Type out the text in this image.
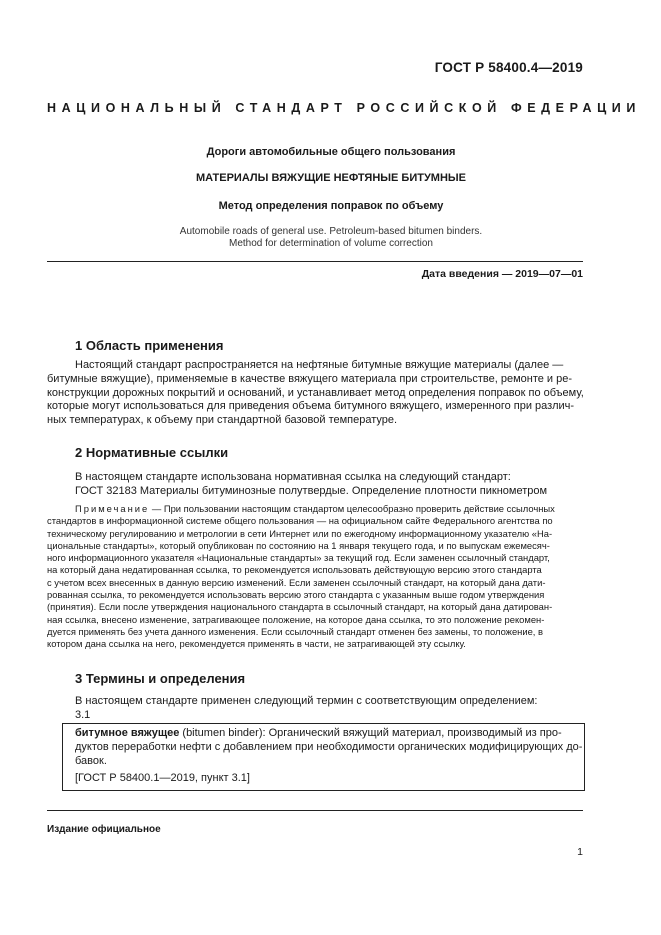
ГОСТ Р 58400.4—2019
НАЦИОНАЛЬНЫЙ СТАНДАРТ РОССИЙСКОЙ ФЕДЕРАЦИИ
Дороги автомобильные общего пользования
МАТЕРИАЛЫ ВЯЖУЩИЕ НЕФТЯНЫЕ БИТУМНЫЕ
Метод определения поправок по объему
Automobile roads of general use. Petroleum-based bitumen binders.
Method for determination of volume correction
Дата введения — 2019—07—01
1 Область применения
Настоящий стандарт распространяется на нефтяные битумные вяжущие материалы (далее —
битумные вяжущие), применяемые в качестве вяжущего материала при строительстве, ремонте и ре-
конструкции дорожных покрытий и оснований, и устанавливает метод определения поправок по объему,
которые могут использоваться для приведения объема битумного вяжущего, измеренного при различ-
ных температурах, к объему при стандартной базовой температуре.
2 Нормативные ссылки
В настоящем стандарте использована нормативная ссылка на следующий стандарт:
ГОСТ 32183 Материалы битуминозные полутвердые. Определение плотности пикнометром
Примечание — При пользовании настоящим стандартом целесообразно проверить действие ссылочных
стандартов в информационной системе общего пользования — на официальном сайте Федерального агентства по
техническому регулированию и метрологии в сети Интернет или по ежегодному информационному указателю «На-
циональные стандарты», который опубликован по состоянию на 1 января текущего года, и по выпускам ежемесяч-
ного информационного указателя «Национальные стандарты» за текущий год. Если заменен ссылочный стандарт,
на который дана недатированная ссылка, то рекомендуется использовать действующую версию этого стандарта
с учетом всех внесенных в данную версию изменений. Если заменен ссылочный стандарт, на который дана дати-
рованная ссылка, то рекомендуется использовать версию этого стандарта с указанным выше годом утверждения
(принятия). Если после утверждения национального стандарта в ссылочный стандарт, на который дана датирован-
ная ссылка, внесено изменение, затрагивающее положение, на которое дана ссылка, то это положение рекомен-
дуется применять без учета данного изменения. Если ссылочный стандарт отменен без замены, то положение, в
котором дана ссылка на него, рекомендуется применять в части, не затрагивающей эту ссылку.
3 Термины и определения
В настоящем стандарте применен следующий термин с соответствующим определением:
3.1
битумное вяжущее (bitumen binder): Органический вяжущий материал, производимый из про-
дуктов переработки нефти с добавлением при необходимости органических модифицирующих до-
бавок.
[ГОСТ Р 58400.1—2019, пункт 3.1]
Издание официальное
1
